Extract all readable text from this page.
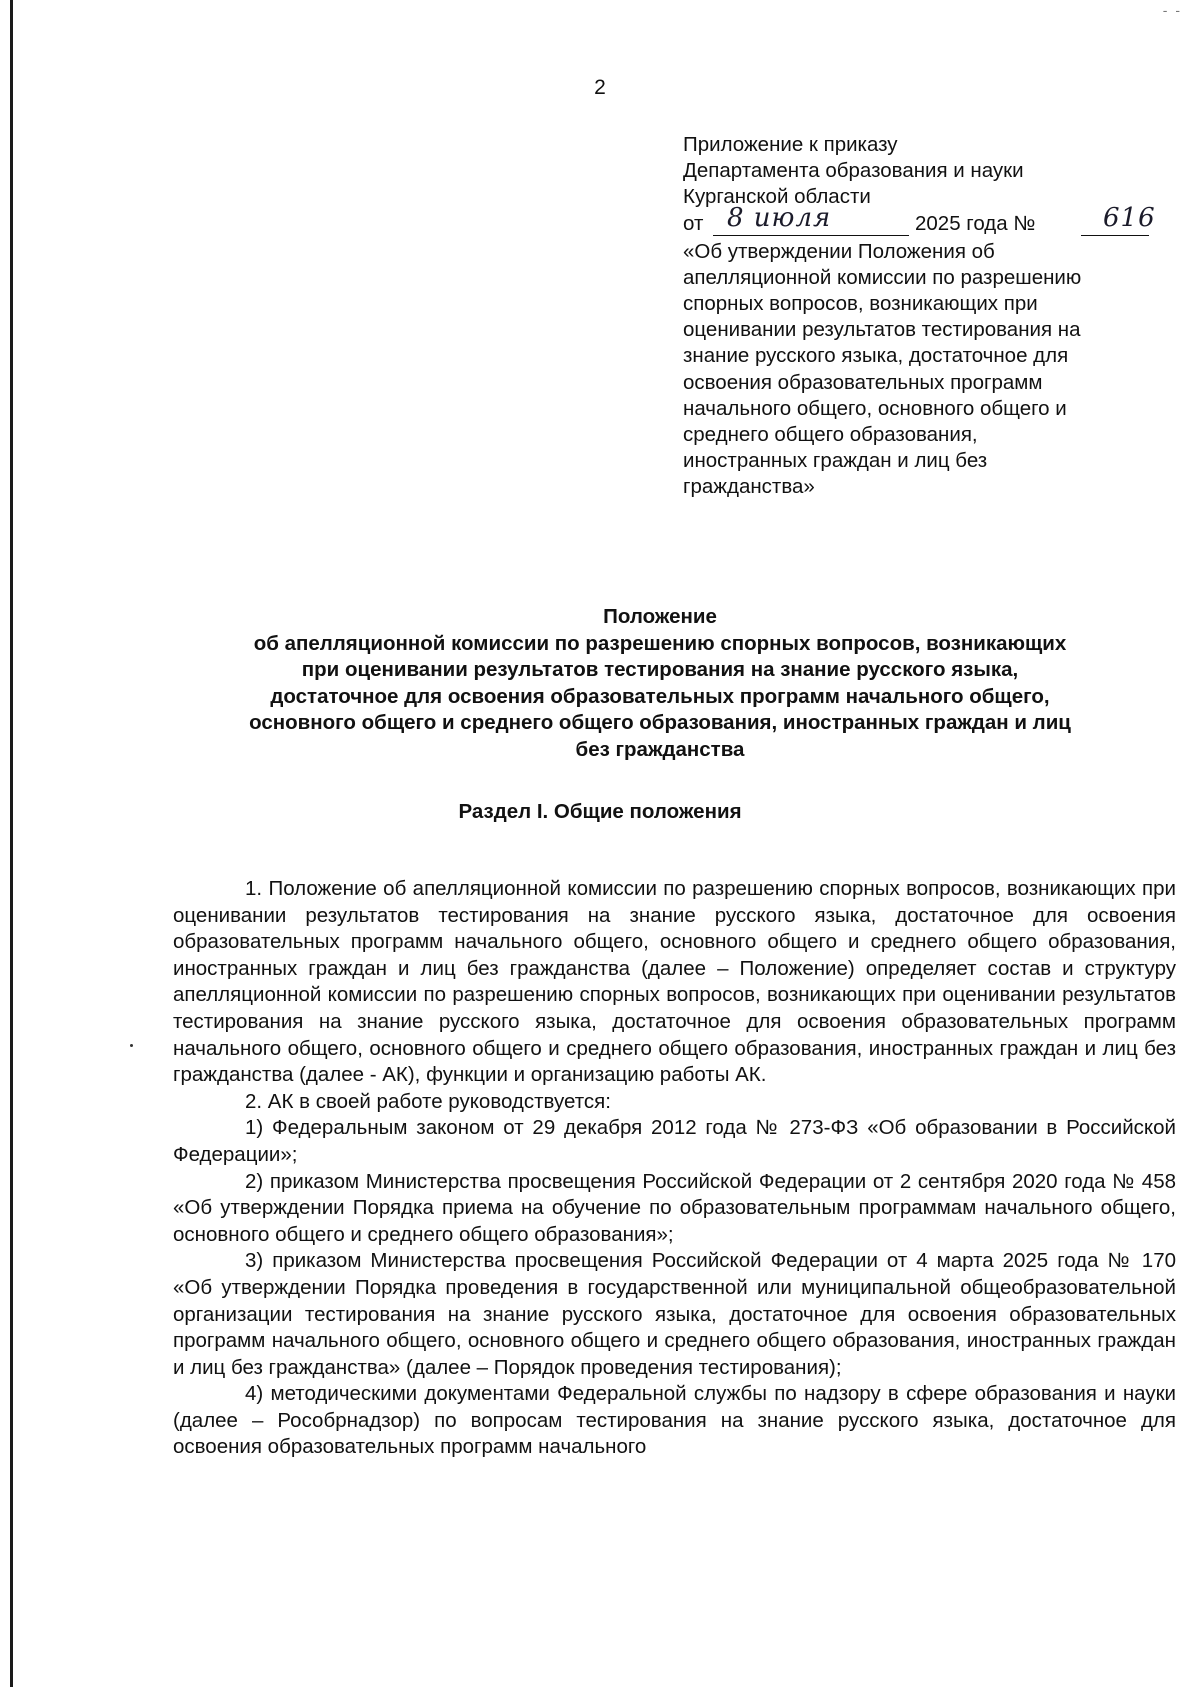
- -
2
Приложение к приказу
Департамента образования и науки
Курганской области
от 8 июля	2025 года №	616
«Об утверждении Положения об
апелляционной комиссии по разрешению
спорных вопросов, возникающих при
оценивании результатов тестирования на
знание русского языка, достаточное для
освоения образовательных программ
начального общего, основного общего и
среднего общего образования,
иностранных граждан и лиц без
гражданства»
Положение
об апелляционной комиссии по разрешению спорных вопросов, возникающих
при оценивании результатов тестирования на знание русского языка,
достаточное для освоения образовательных программ начального общего,
основного общего и среднего общего образования, иностранных граждан и лиц
без гражданства
Раздел I. Общие положения

1. Положение об апелляционной комиссии по разрешению спорных вопросов, возникающих при оценивании результатов тестирования на знание русского языка, достаточное для освоения образовательных программ начального общего, основного общего и среднего общего образования, иностранных граждан и лиц без гражданства (далее – Положение) определяет состав и структуру апелляционной комиссии по разрешению спорных вопросов, возникающих при оценивании результатов тестирования на знание русского языка, достаточное для освоения образовательных программ начального общего, основного общего и среднего общего образования, иностранных граждан и лиц без гражданства (далее - АК), функции и организацию работы АК.

2. АК в своей работе руководствуется:

1) Федеральным законом от 29 декабря 2012 года № 273-ФЗ «Об образовании в Российской Федерации»;

2) приказом Министерства просвещения Российской Федерации от 2 сентября 2020 года № 458 «Об утверждении Порядка приема на обучение по образовательным программам начального общего, основного общего и среднего общего образования»;

3) приказом Министерства просвещения Российской Федерации от 4 марта 2025 года № 170 «Об утверждении Порядка проведения в государственной или муниципальной общеобразовательной организации тестирования на знание русского языка, достаточное для освоения образовательных программ начального общего, основного общего и среднего общего образования, иностранных граждан и лиц без гражданства» (далее – Порядок проведения тестирования);

4) методическими документами Федеральной службы по надзору в сфере образования и науки (далее – Рособрнадзор) по вопросам тестирования на знание русского языка, достаточное для освоения образовательных программ начального
